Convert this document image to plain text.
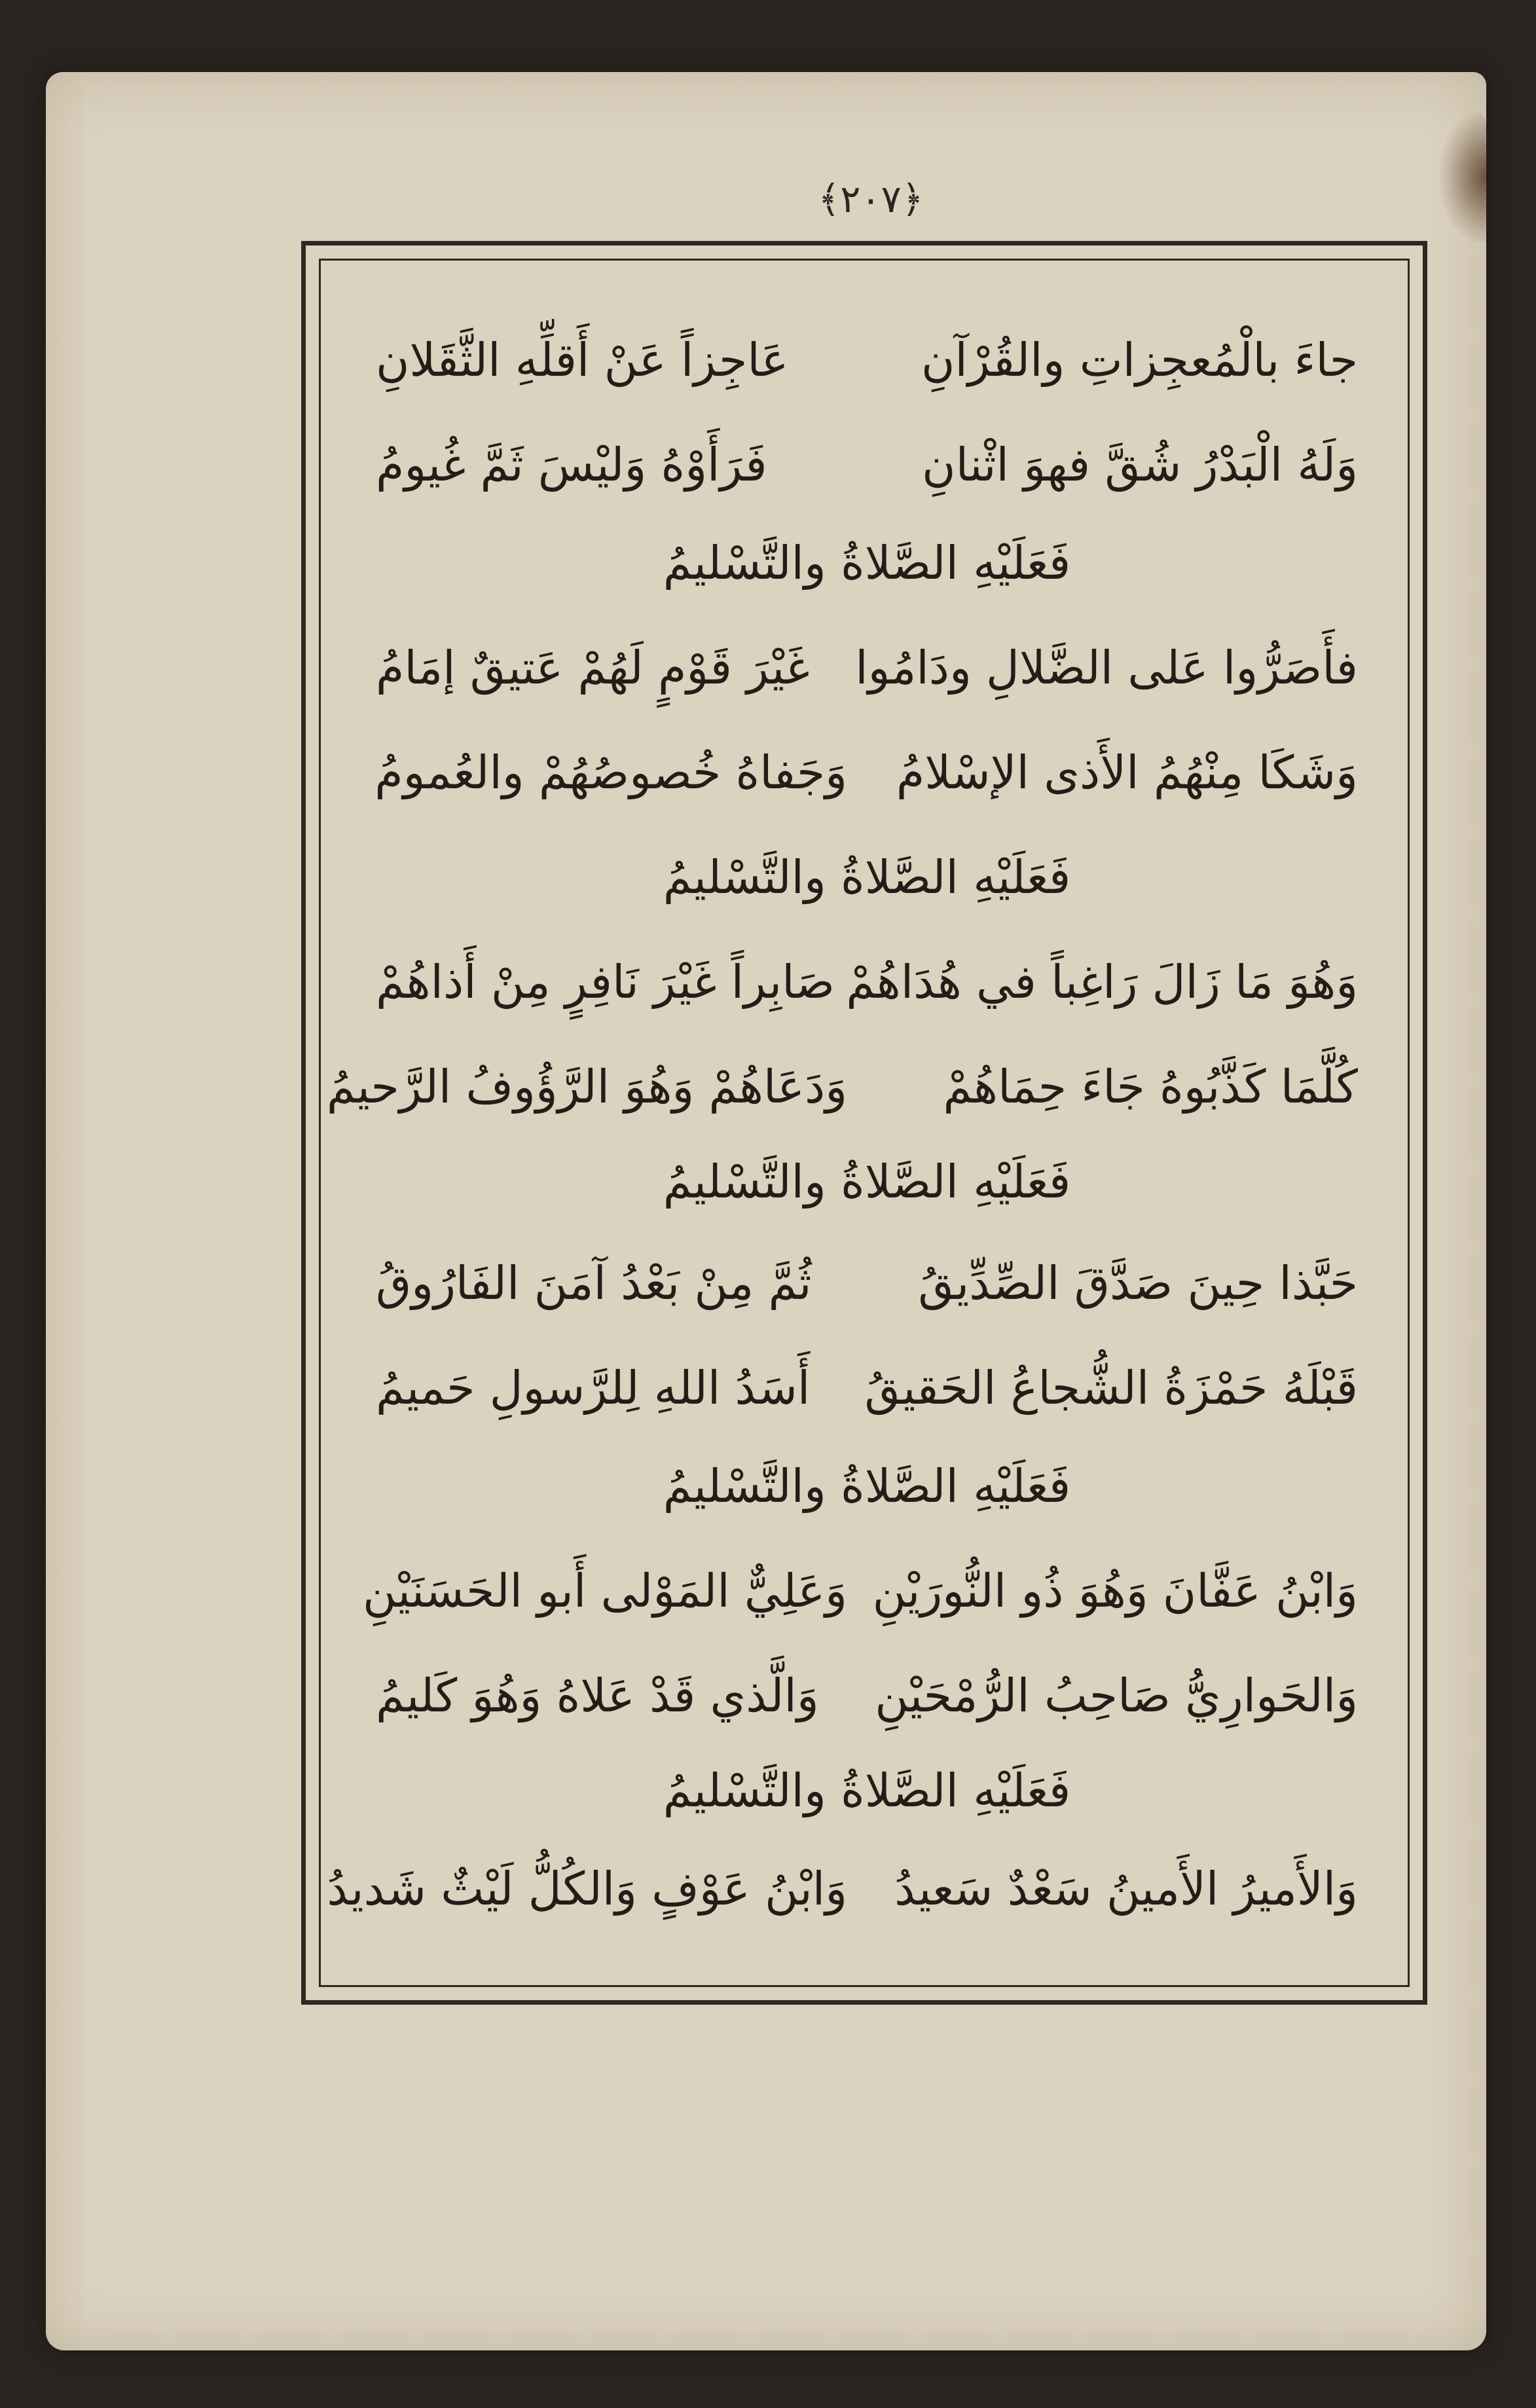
﴿٢٠٧﴾
جاءَ بالْمُعجِزاتِ والقُرْآنِ
عَاجِزاً عَنْ أَقلِّهِ الثَّقَلانِ
وَلَهُ الْبَدْرُ شُقَّ فهوَ اثْنانِ
فَرَأَوْهُ وَليْسَ ثَمَّ غُيومُ
فَعَلَيْهِ الصَّلاةُ والتَّسْليمُ
فأَصَرُّوا عَلى الضَّلالِ ودَامُوا
غَيْرَ قَوْمٍ لَهُمْ عَتيقٌ إمَامُ
وَشَكَا مِنْهُمُ الأَذى الإسْلامُ
وَجَفاهُ خُصوصُهُمْ والعُمومُ
فَعَلَيْهِ الصَّلاةُ والتَّسْليمُ
وَهُوَ مَا زَالَ رَاغِباً في هُدَاهُمْ
صَابِراً غَيْرَ نَافِرٍ مِنْ أَذاهُمْ
كُلَّمَا كَذَّبُوهُ جَاءَ حِمَاهُمْ
وَدَعَاهُمْ وَهُوَ الرَّؤُوفُ الرَّحيمُ
فَعَلَيْهِ الصَّلاةُ والتَّسْليمُ
حَبَّذا حِينَ صَدَّقَ الصِّدِّيقُ
ثُمَّ مِنْ بَعْدُ آمَنَ الفَارُوقُ
قَبْلَهُ حَمْزَةُ الشُّجاعُ الحَقيقُ
أَسَدُ اللهِ لِلرَّسولِ حَميمُ
فَعَلَيْهِ الصَّلاةُ والتَّسْليمُ
وَابْنُ عَفَّانَ وَهُوَ ذُو النُّورَيْنِ
وَعَلِيٌّ المَوْلى أَبو الحَسَنَيْنِ
وَالحَوارِيُّ صَاحِبُ الرُّمْحَيْنِ
وَالَّذي قَدْ عَلاهُ وَهُوَ كَليمُ
فَعَلَيْهِ الصَّلاةُ والتَّسْليمُ
وَالأَميرُ الأَمينُ سَعْدٌ سَعيدُ
وَابْنُ عَوْفٍ وَالكُلُّ لَيْثٌ شَديدُ
